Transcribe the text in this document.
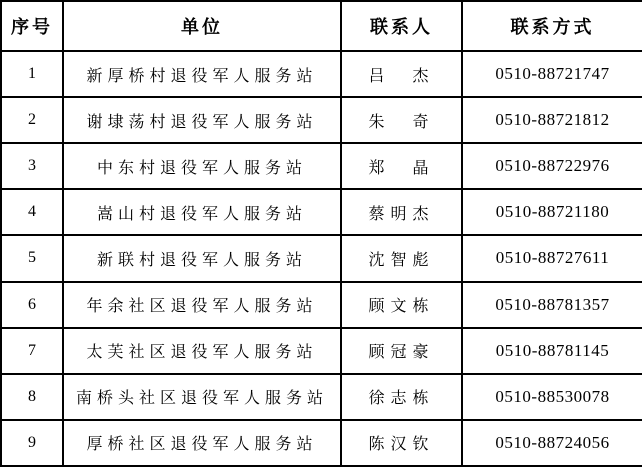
序号	单位	联系人	联系方式
1	新厚桥村退役军人服务站	吕　杰	0510-88721747
2	谢埭荡村退役军人服务站	朱　奇	0510-88721812
3	中东村退役军人服务站	郑　晶	0510-88722976
4	嵩山村退役军人服务站	蔡明杰	0510-88721180
5	新联村退役军人服务站	沈智彪	0510-88727611
6	年余社区退役军人服务站	顾文栋	0510-88781357
7	太芙社区退役军人服务站	顾冠豪	0510-88781145
8	南桥头社区退役军人服务站	徐志栋	0510-88530078
9	厚桥社区退役军人服务站	陈汉钦	0510-88724056
